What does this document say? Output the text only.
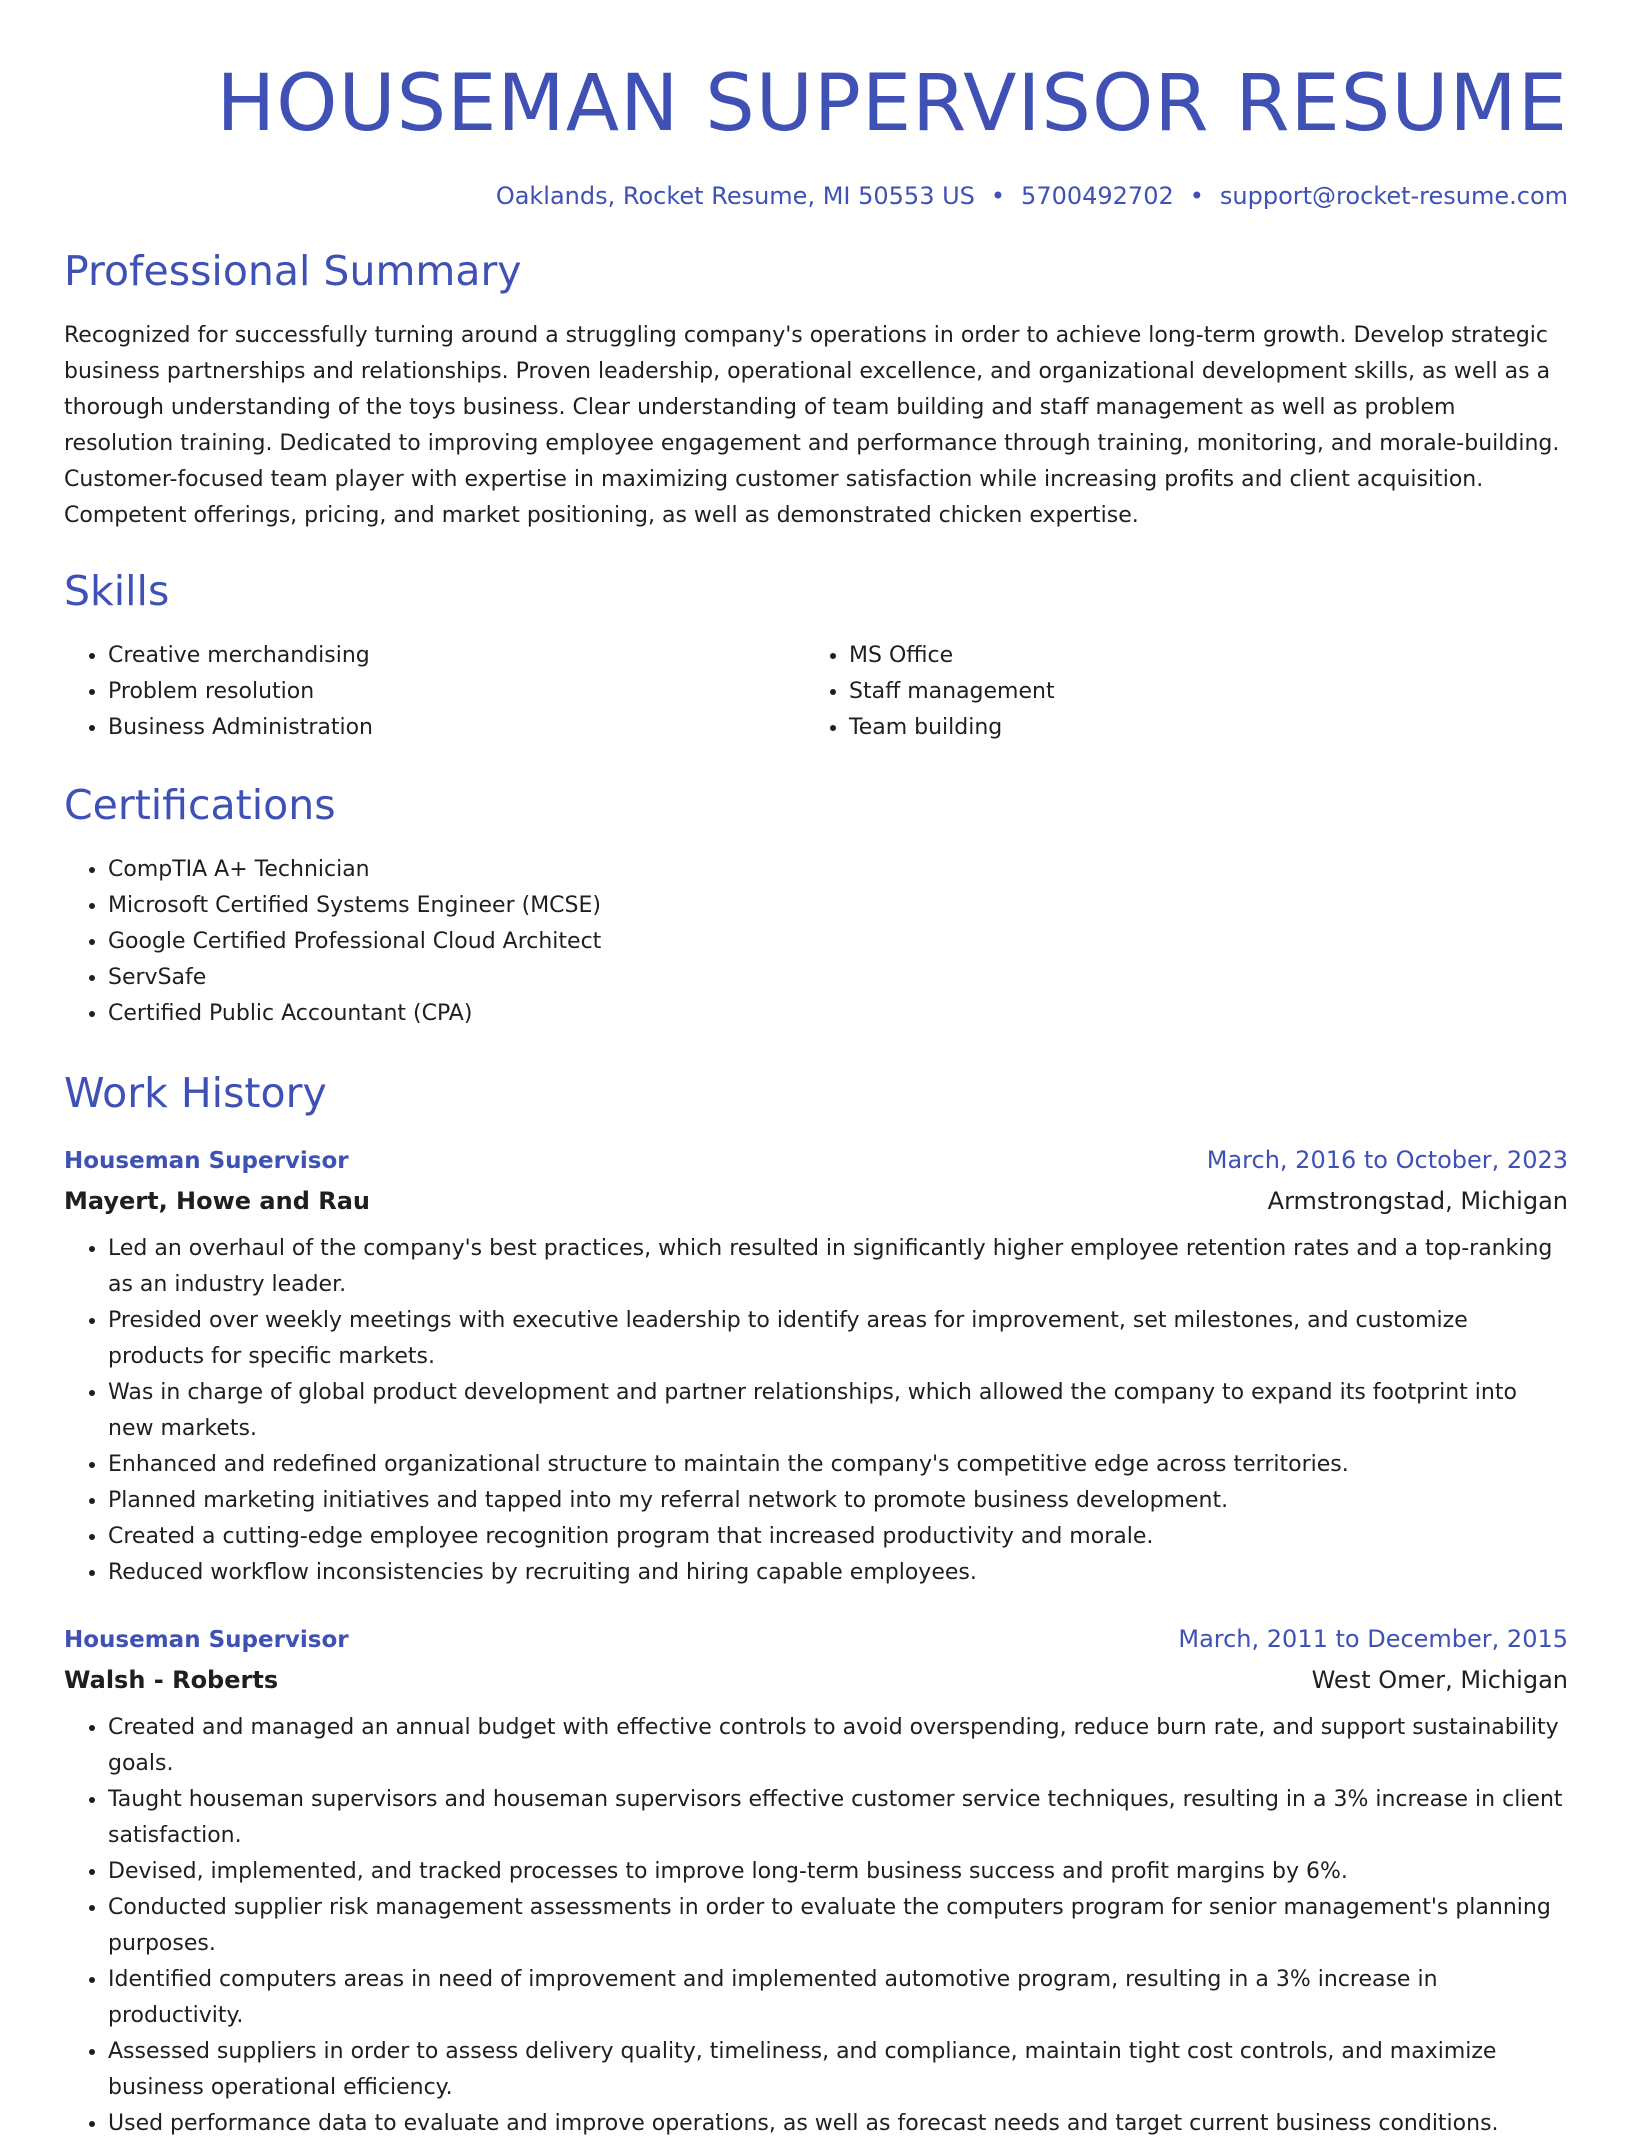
HOUSEMAN SUPERVISOR RESUME
Oaklands, Rocket Resume, MI 50553 US • 5700492702 • support@rocket-resume.com
Professional Summary

Recognized for successfully turning around a struggling company's operations in order to achieve long-term growth. Develop strategic business partnerships and relationships. Proven leadership, operational excellence, and organizational development skills, as well as a thorough understanding of the toys business. Clear understanding of team building and staff management as well as problem resolution training. Dedicated to improving employee engagement and performance through training, monitoring, and morale-building. Customer-focused team player with expertise in maximizing customer satisfaction while increasing profits and client acquisition. Competent offerings, pricing, and market positioning, as well as demonstrated chicken expertise.

Skills
• Creative merchandising
• Problem resolution
• Business Administration
• MS Office
• Staff management
• Team building
Certifications
• CompTIA A+ Technician
• Microsoft Certified Systems Engineer (MCSE)
• Google Certified Professional Cloud Architect
• ServSafe
• Certified Public Accountant (CPA)
Work History
Houseman Supervisor	March, 2016 to October, 2023
Mayert, Howe and Rau	Armstrongstad, Michigan
• Led an overhaul of the company's best practices, which resulted in significantly higher employee retention rates and a top-ranking as an industry leader.
• Presided over weekly meetings with executive leadership to identify areas for improvement, set milestones, and customize products for specific markets.
• Was in charge of global product development and partner relationships, which allowed the company to expand its footprint into new markets.
• Enhanced and redefined organizational structure to maintain the company's competitive edge across territories.
• Planned marketing initiatives and tapped into my referral network to promote business development.
• Created a cutting-edge employee recognition program that increased productivity and morale.
• Reduced workflow inconsistencies by recruiting and hiring capable employees.
Houseman Supervisor	March, 2011 to December, 2015
Walsh - Roberts	West Omer, Michigan
• Created and managed an annual budget with effective controls to avoid overspending, reduce burn rate, and support sustainability goals.
• Taught houseman supervisors and houseman supervisors effective customer service techniques, resulting in a 3% increase in client satisfaction.
• Devised, implemented, and tracked processes to improve long-term business success and profit margins by 6%.
• Conducted supplier risk management assessments in order to evaluate the computers program for senior management's planning purposes.
• Identified computers areas in need of improvement and implemented automotive program, resulting in a 3% increase in productivity.
• Assessed suppliers in order to assess delivery quality, timeliness, and compliance, maintain tight cost controls, and maximize business operational efficiency.
• Used performance data to evaluate and improve operations, as well as forecast needs and target current business conditions.
